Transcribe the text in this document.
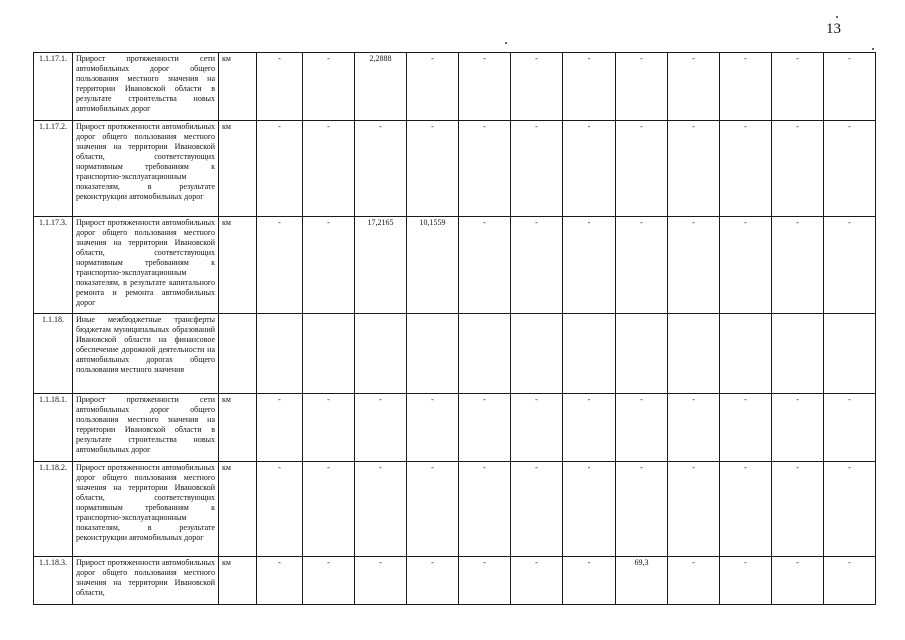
13
1.1.17.1.	Прирост протяженности сети автомобильных дорог общего пользования местного значения на территории Ивановской области в результате строительства новых автомобильных дорог	км	-	-	2,2888	-	-	-	-	-	-	-	-	-
1.1.17.2.	Прирост протяженности автомобильных дорог общего пользования местного значения на территории Ивановской области, соответствующих нормативным требованиям к транспортно-эксплуатационным показателям, в результате реконструкции автомобильных дорог	км	-	-	-	-	-	-	-	-	-	-	-	-
1.1.17.3.	Прирост протяженности автомобильных дорог общего пользования местного значения на территории Ивановской области, соответствующих нормативным требованиям к транспортно-эксплуатационным показателям, в результате капитального ремонта и ремонта автомобильных дорог	км	-	-	17,2165	10,1559	-	-	-	-	-	-	-	-
1.1.18.	Иные межбюджетные трансферты бюджетам муниципальных образований Ивановской области на финансовое обеспечение дорожной деятельности на автомобильных дорогах общего пользования местного значения													
1.1.18.1.	Прирост протяженности сети автомобильных дорог общего пользования местного значения на территории Ивановской области в результате строительства новых автомобильных дорог	км	-	-	-	-	-	-	-	-	-	-	-	-
1.1.18.2.	Прирост протяженности автомобильных дорог общего пользования местного значения на территории Ивановской области, соответствующих нормативным требованиям к транспортно-эксплуатационным показателям, в результате реконструкции автомобильных дорог	км	-	-	-	-	-	-	-	-	-	-	-	-
1.1.18.3.	Прирост протяженности автомобильных дорог общего пользования местного значения на территории Ивановской области,	км	-	-	-	-	-	-	-	69,3	-	-	-	-
